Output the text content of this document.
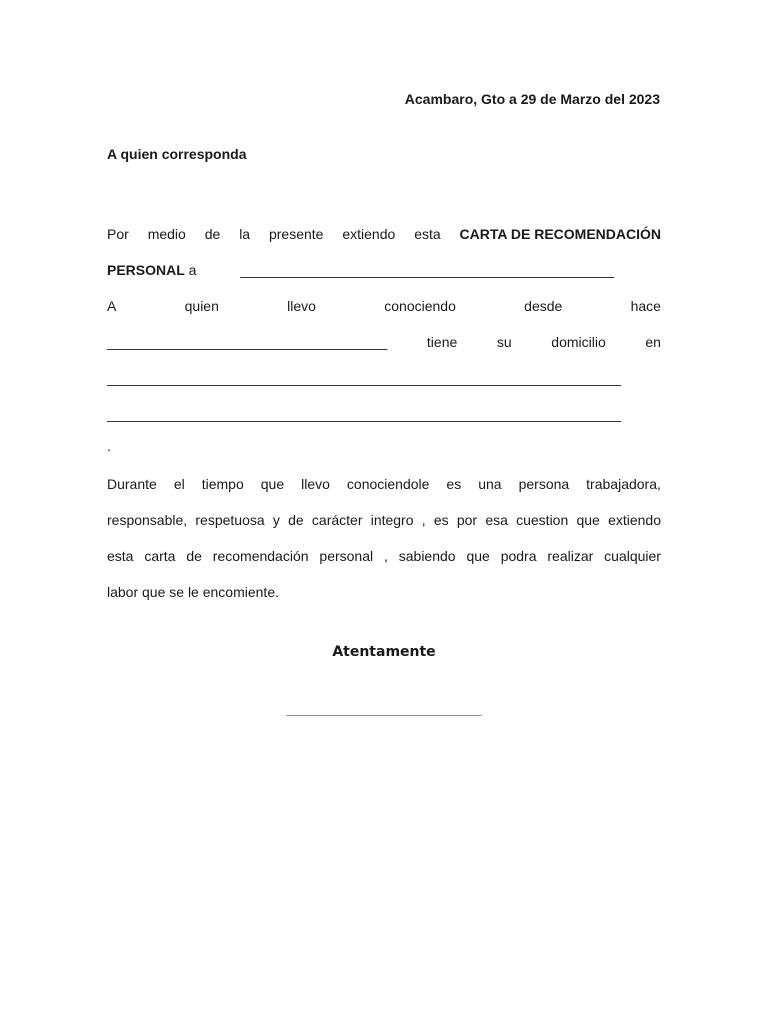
Acambaro, Gto a 29 de Marzo del 2023
A quien corresponda
Por medio de la presente extiendo esta CARTA DE RECOMENDACIÓN
PERSONAL a	________________________________________________
A	quien	llevo	conociendo	desde	hace
____________________________________	tiene	su	domicilio	en
__________________________________________________________________
__________________________________________________________________
.
Durante el tiempo que llevo conociendole es una persona trabajadora,
responsable, respetuosa y de carácter integro , es por esa cuestion que extiendo
esta carta de recomendación personal , sabiendo que podra realizar cualquier
labor que se le encomiente.
Atentamente
_________________________
